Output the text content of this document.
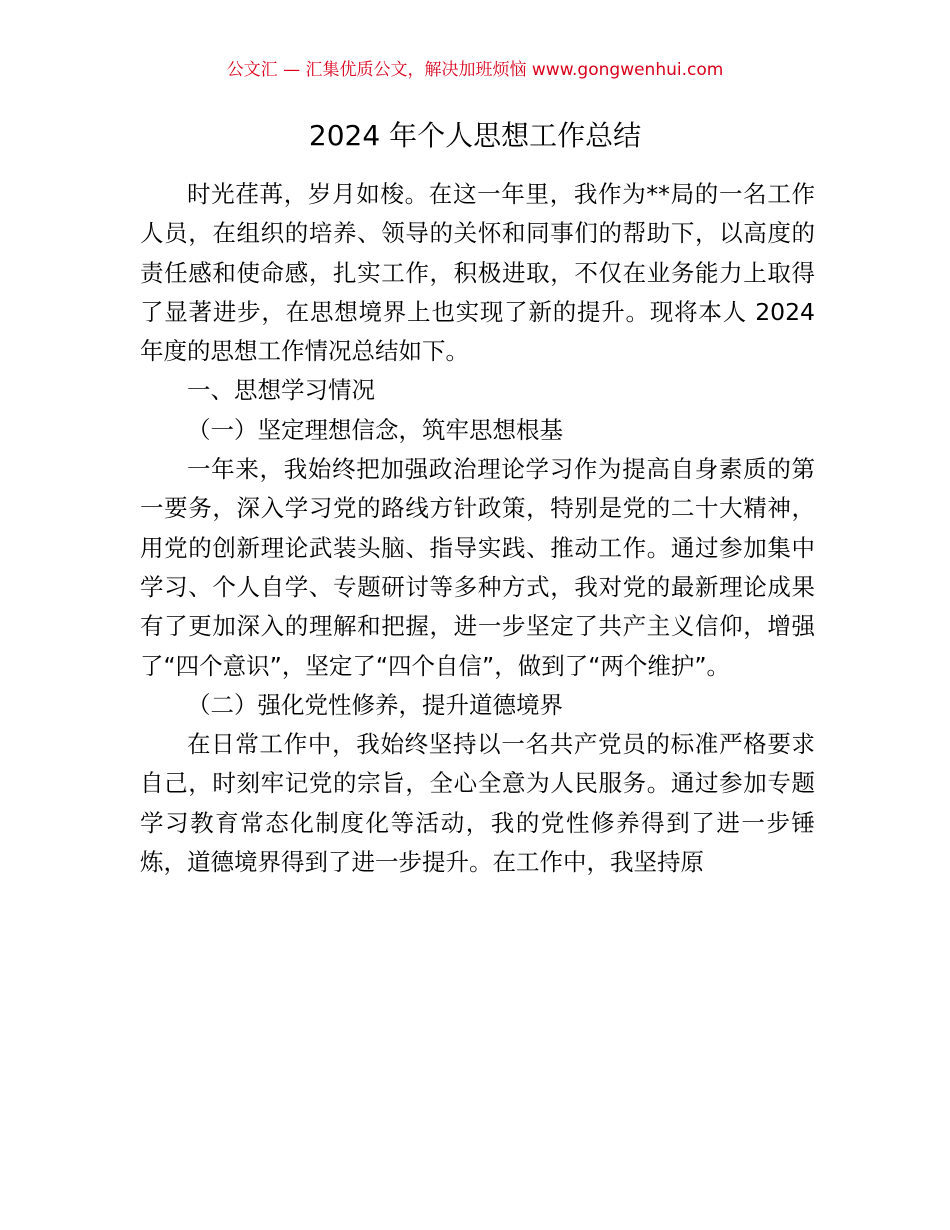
公文汇 — 汇集优质公文，解决加班烦恼 www.gongwenhui.com
2024 年个人思想工作总结

时光荏苒，岁月如梭。在这一年里，我作为**局的一名工作人员，在组织的培养、领导的关怀和同事们的帮助下，以高度的责任感和使命感，扎实工作，积极进取，不仅在业务能力上取得了显著进步，在思想境界上也实现了新的提升。现将本人 2024 年度的思想工作情况总结如下。

一、思想学习情况

（一）坚定理想信念，筑牢思想根基

一年来，我始终把加强政治理论学习作为提高自身素质的第一要务，深入学习党的路线方针政策，特别是党的二十大精神，用党的创新理论武装头脑、指导实践、推动工作。通过参加集中学习、个人自学、专题研讨等多种方式，我对党的最新理论成果有了更加深入的理解和把握，进一步坚定了共产主义信仰，增强了“四个意识”，坚定了“四个自信”，做到了“两个维护”。

（二）强化党性修养，提升道德境界

在日常工作中，我始终坚持以一名共产党员的标准严格要求自己，时刻牢记党的宗旨，全心全意为人民服务。通过参加专题学习教育常态化制度化等活动，我的党性修养得到了进一步锤炼，道德境界得到了进一步提升。在工作中，我坚持原
